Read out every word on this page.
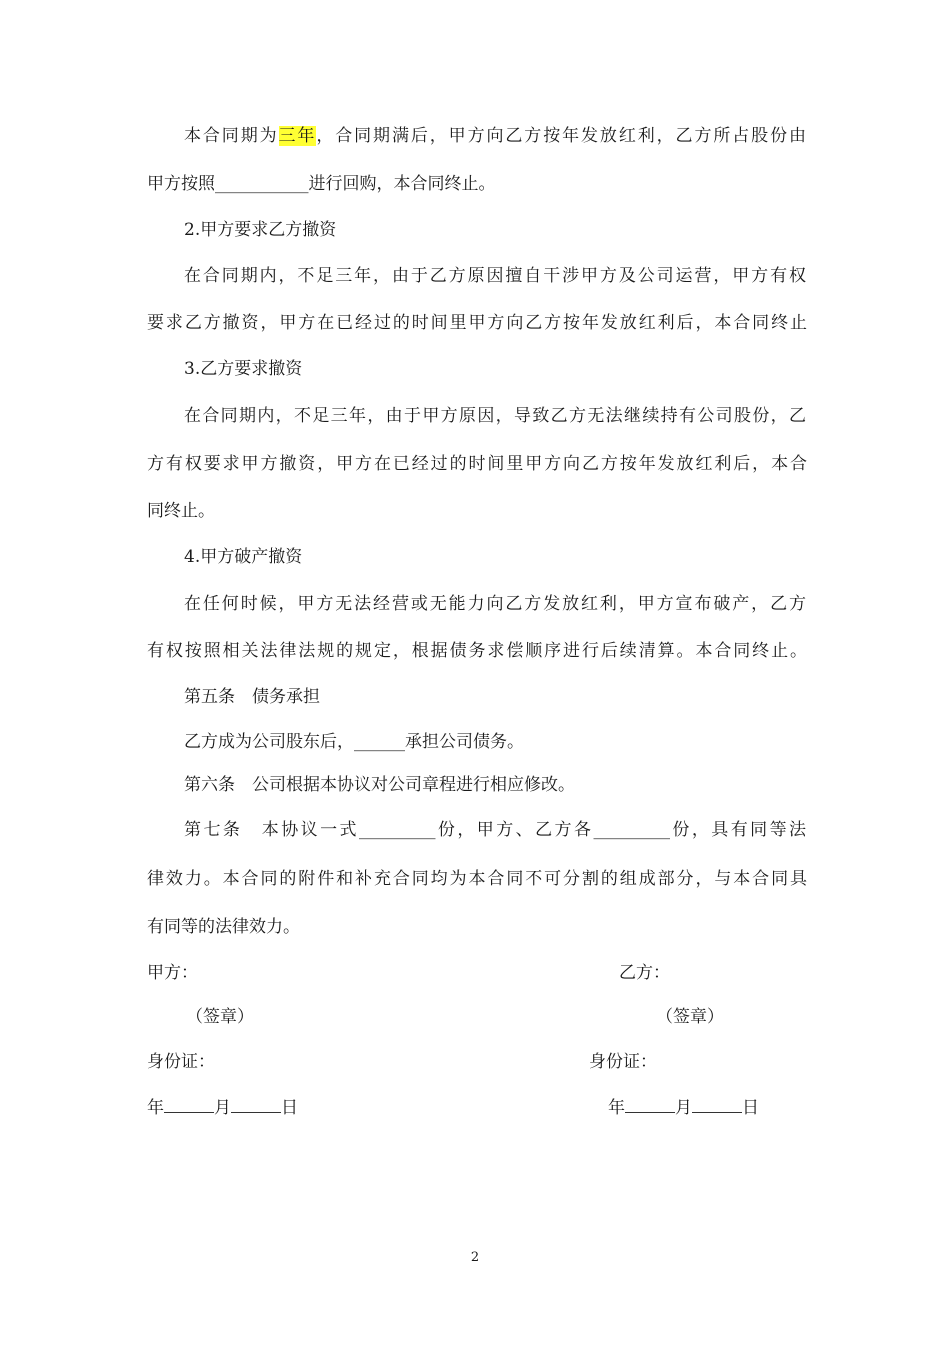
本合同期为三年，合同期满后，甲方向乙方按年发放红利，乙方所占股份由
甲方按照___________进行回购，本合同终止。
2.甲方要求乙方撤资
在合同期内，不足三年，由于乙方原因擅自干涉甲方及公司运营，甲方有权
要求乙方撤资，甲方在已经过的时间里甲方向乙方按年发放红利后，本合同终止
3.乙方要求撤资
在合同期内，不足三年，由于甲方原因，导致乙方无法继续持有公司股份，乙
方有权要求甲方撤资，甲方在已经过的时间里甲方向乙方按年发放红利后，本合
同终止。
4.甲方破产撤资
在任何时候，甲方无法经营或无能力向乙方发放红利，甲方宣布破产，乙方
有权按照相关法律法规的规定，根据债务求偿顺序进行后续清算。本合同终止。
第五条　债务承担
乙方成为公司股东后，______承担公司债务。
第六条　公司根据本协议对公司章程进行相应修改。
第七条　本协议一式_________份，甲方、乙方各_________份，具有同等法
律效力。本合同的附件和补充合同均为本合同不可分割的组成部分，与本合同具
有同等的法律效力。
甲方：	乙方：
（签章）	（签章）
身份证：	身份证：
年	月	日	年	月	日
2
